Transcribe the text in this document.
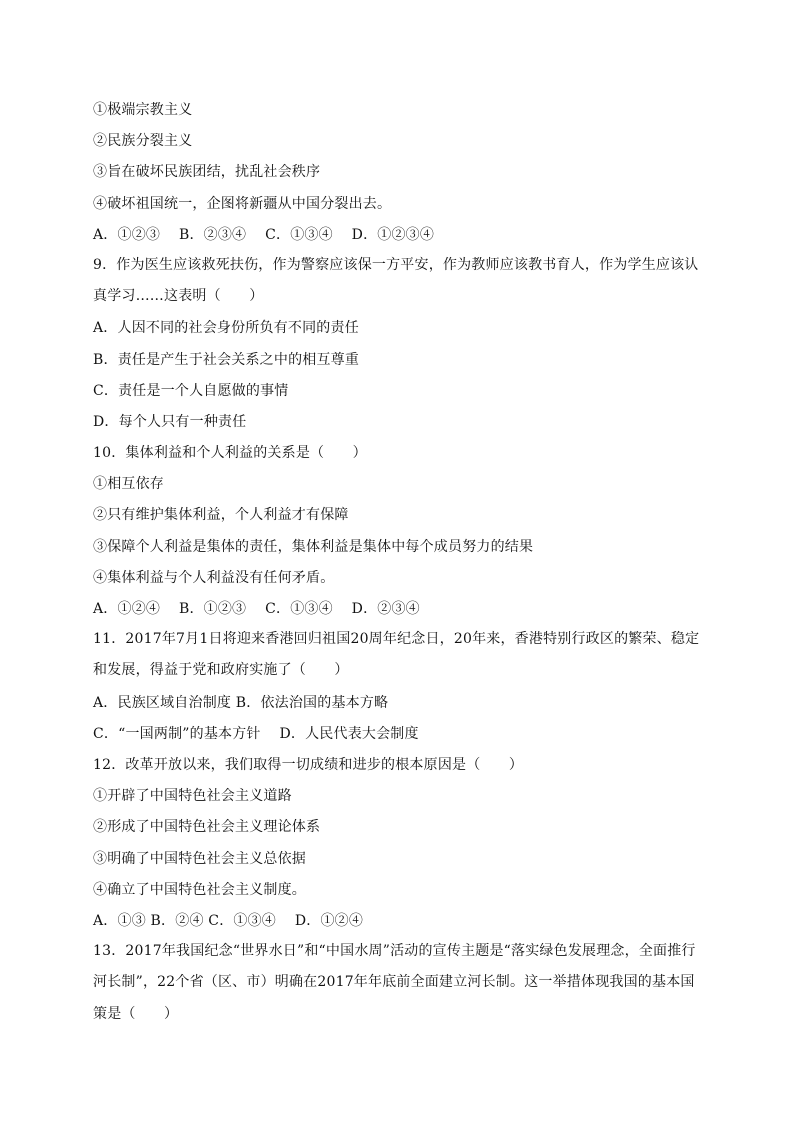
①极端宗教主义
②民族分裂主义
③旨在破坏民族团结，扰乱社会秩序
④破坏祖国统一，企图将新疆从中国分裂出去。
A．①②③　 B．②③④　 C．①③④　 D．①②③④
9．作为医生应该救死扶伤，作为警察应该保一方平安，作为教师应该教书育人，作为学生应该认真学习……这表明（　　）
A．人因不同的社会身份所负有不同的责任
B．责任是产生于社会关系之中的相互尊重
C．责任是一个人自愿做的事情
D．每个人只有一种责任
10．集体利益和个人利益的关系是（　　）
①相互依存
②只有维护集体利益，个人利益才有保障
③保障个人利益是集体的责任，集体利益是集体中每个成员努力的结果
④集体利益与个人利益没有任何矛盾。
A．①②④　 B．①②③　 C．①③④　 D．②③④
11．2017年7月1日将迎来香港回归祖国20周年纪念日，20年来，香港特别行政区的繁荣、稳定和发展，得益于党和政府实施了（　　）
A．民族区域自治制度 B．依法治国的基本方略
C．“一国两制”的基本方针　 D．人民代表大会制度
12．改革开放以来，我们取得一切成绩和进步的根本原因是（　　）
①开辟了中国特色社会主义道路
②形成了中国特色社会主义理论体系
③明确了中国特色社会主义总依据
④确立了中国特色社会主义制度。
A．①③ B．②④ C．①③④　 D．①②④
13．2017年我国纪念“世界水日”和“中国水周”活动的宣传主题是“落实绿色发展理念，全面推行河长制”，22个省（区、市）明确在2017年年底前全面建立河长制。这一举措体现我国的基本国策是（　　）
